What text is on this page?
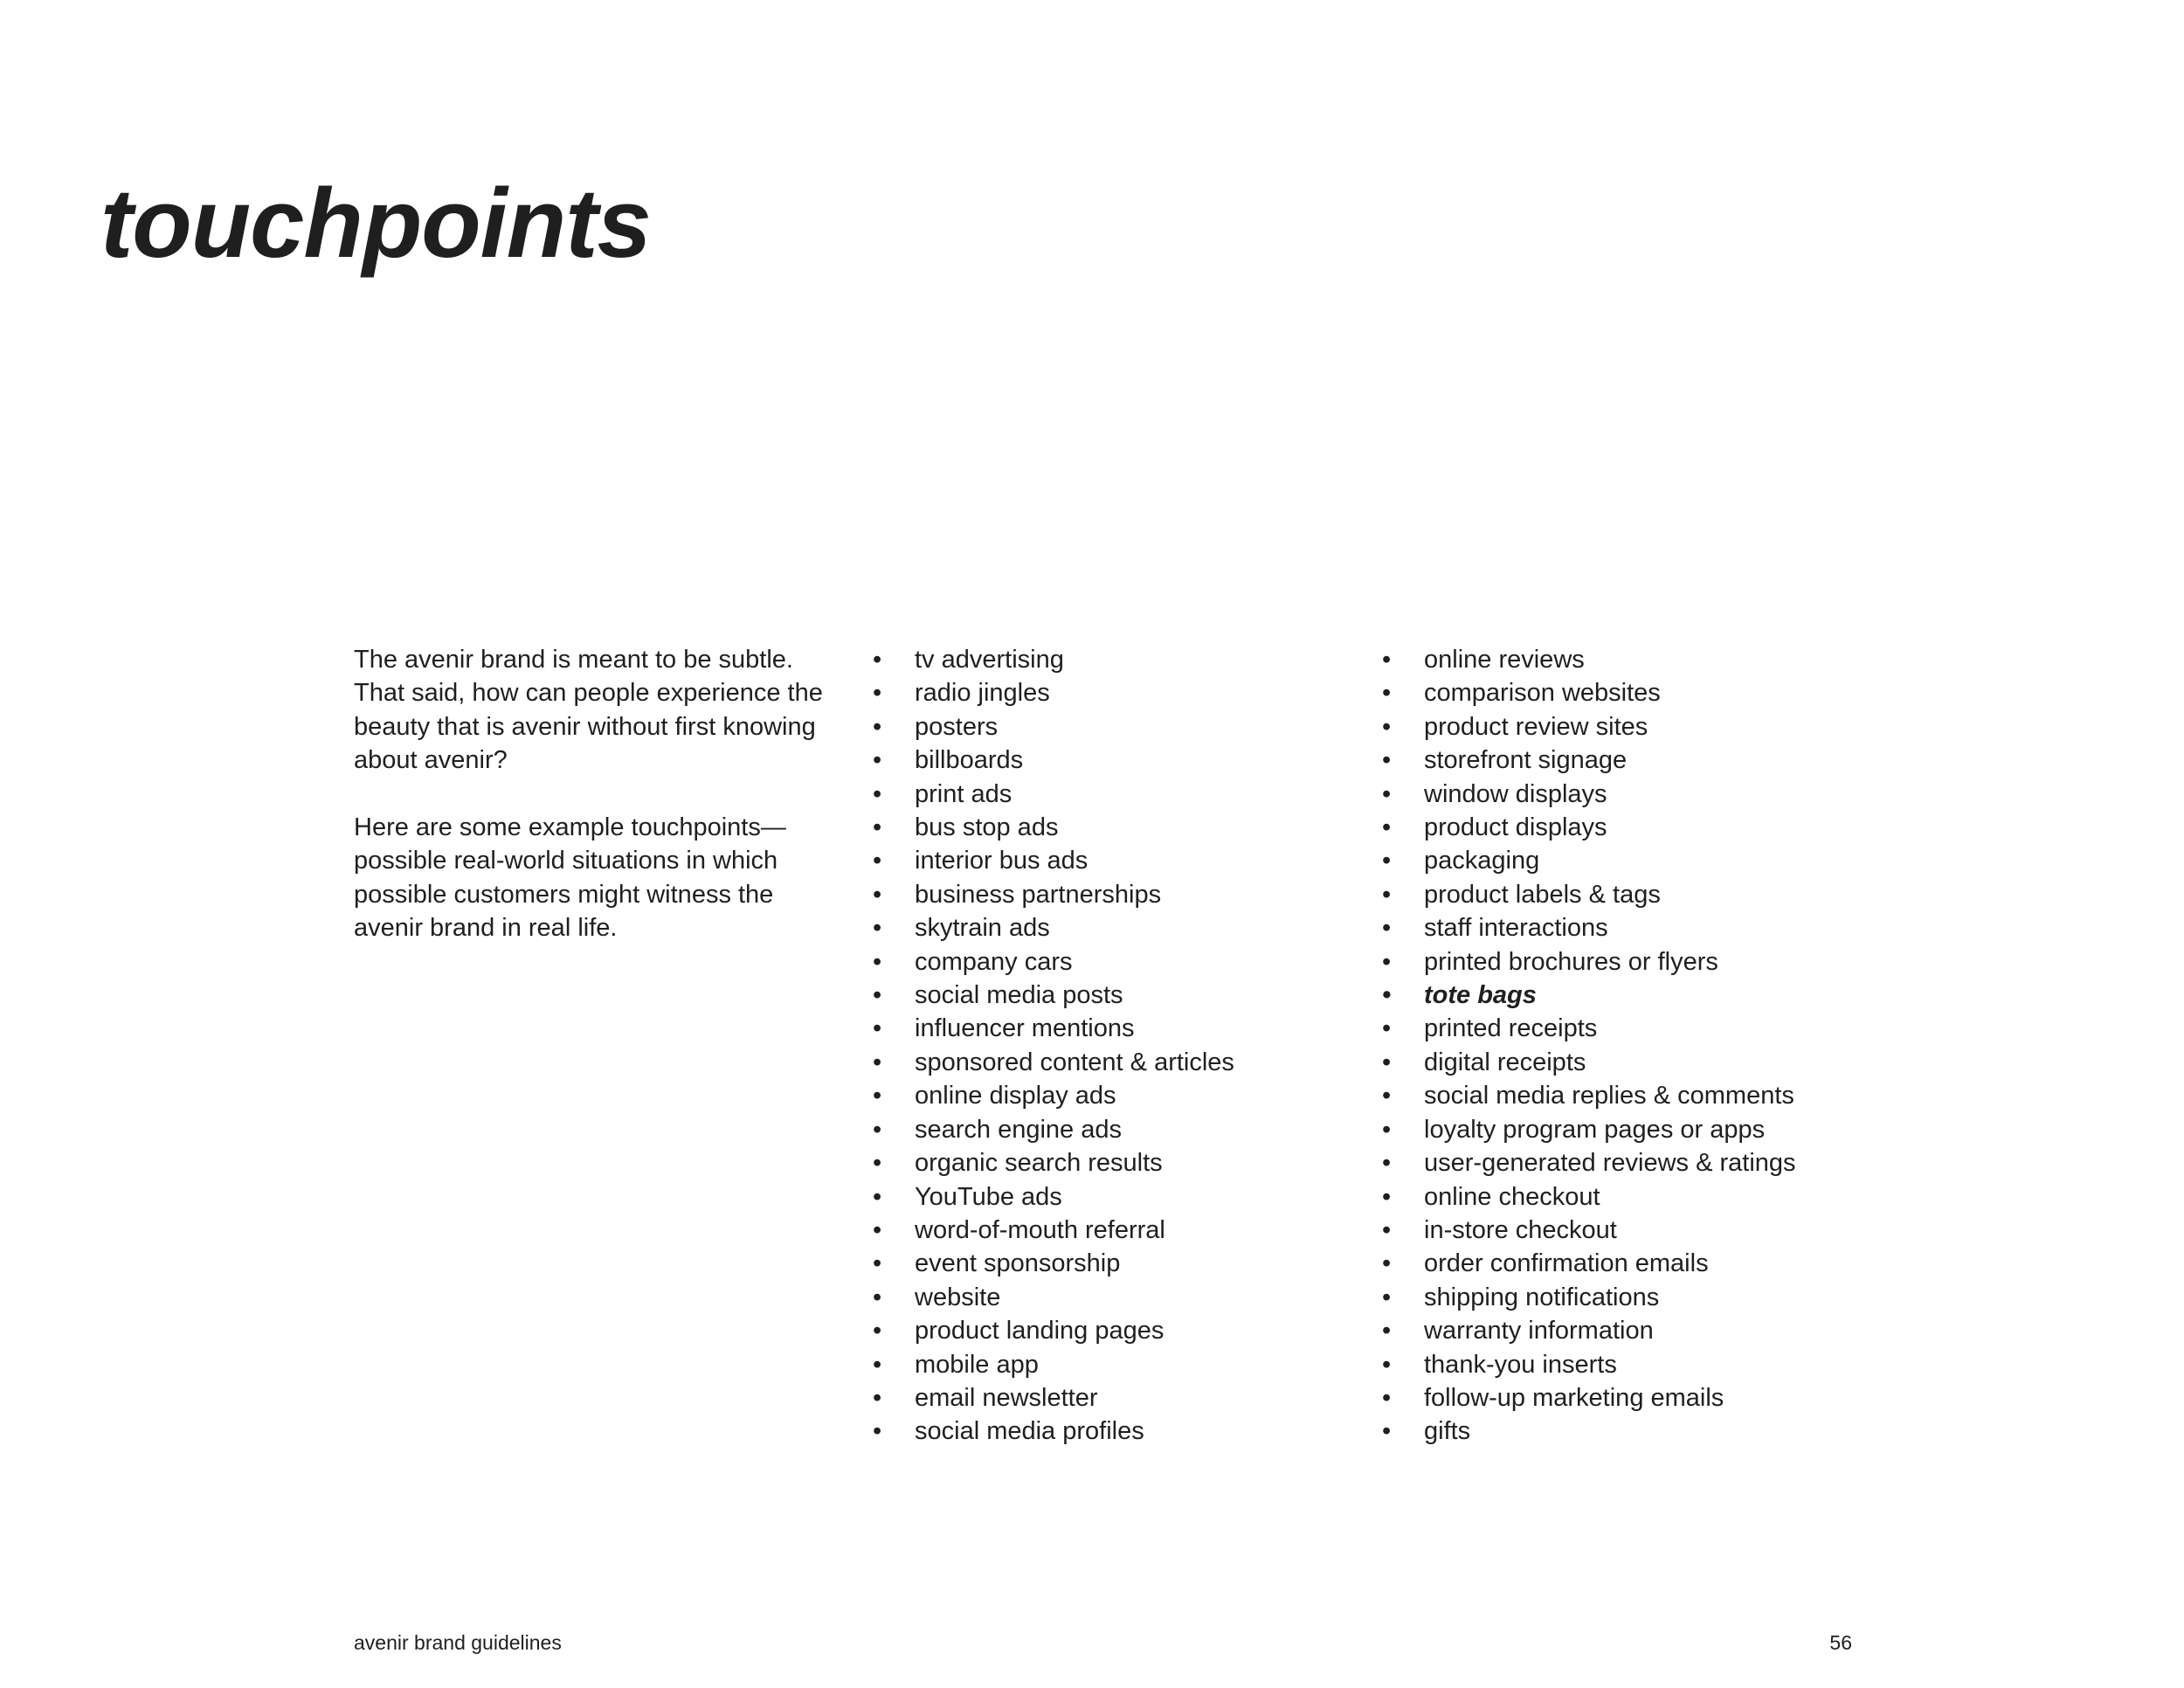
touchpoints

The avenir brand is meant to be subtle. That said, how can people experience the beauty that is avenir without first knowing about avenir?

Here are some example touchpoints— possible real-world situations in which possible customers might witness the avenir brand in real life.

• tv advertising
• radio jingles
• posters
• billboards
• print ads
• bus stop ads
• interior bus ads
• business partnerships
• skytrain ads
• company cars
• social media posts
• influencer mentions
• sponsored content & articles
• online display ads
• search engine ads
• organic search results
• YouTube ads
• word-of-mouth referral
• event sponsorship
• website
• product landing pages
• mobile app
• email newsletter
• social media profiles
• online reviews
• comparison websites
• product review sites
• storefront signage
• window displays
• product displays
• packaging
• product labels & tags
• staff interactions
• printed brochures or flyers
• tote bags
• printed receipts
• digital receipts
• social media replies & comments
• loyalty program pages or apps
• user-generated reviews & ratings
• online checkout
• in-store checkout
• order confirmation emails
• shipping notifications
• warranty information
• thank-you inserts
• follow-up marketing emails
• gifts
avenir brand guidelines	56
